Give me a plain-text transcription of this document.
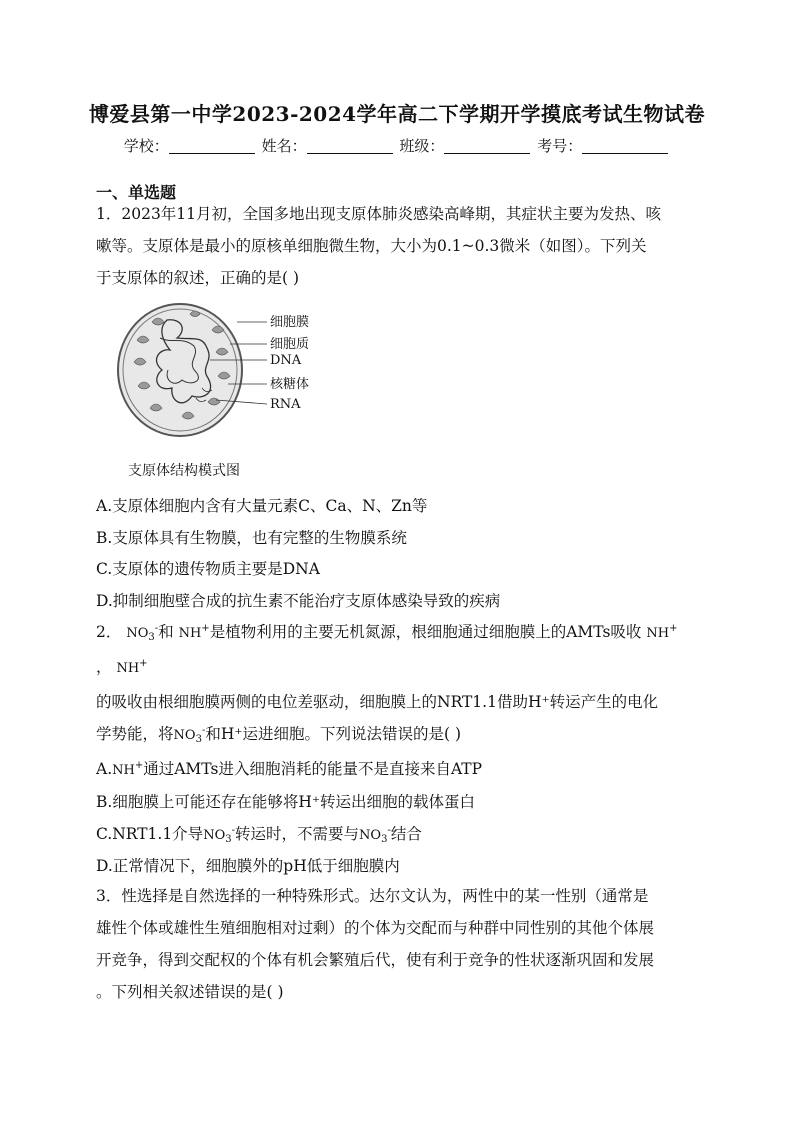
博爱县第一中学2023-2024学年高二下学期开学摸底考试生物试卷
学校：	姓名：	班级：	考号：
一、单选题
1．2023年11月初，全国多地出现支原体肺炎感染高峰期，其症状主要为发热、咳
嗽等。支原体是最小的原核单细胞微生物，大小为0.1~0.3微米（如图）。下列关
于支原体的叙述，正确的是( )
细胞膜
细胞质
DNA
核糖体
RNA
支原体结构模式图
A.支原体细胞内含有大量元素C、Ca、N、Zn等
B.支原体具有生物膜，也有完整的生物膜系统
C.支原体的遗传物质主要是DNA
D.抑制细胞壁合成的抗生素不能治疗支原体感染导致的疾病
2． $NO_3^-$和 NH+是植物利用的主要无机氮源，根细胞通过细胞膜上的AMTs吸收 NH+
， NH+
的吸收由根细胞膜两侧的电位差驱动，细胞膜上的NRT1.1借助H⁺转运产生的电化
学势能，将$NO_3^-$和H⁺运进细胞。下列说法错误的是( )
A.NH+通过AMTs进入细胞消耗的能量不是直接来自ATP
B.细胞膜上可能还存在能够将H⁺转运出细胞的载体蛋白
C.NRT1.1介导$NO_3^-$转运时，不需要与$NO_3^-$结合
D.正常情况下，细胞膜外的pH低于细胞膜内
3．性选择是自然选择的一种特殊形式。达尔文认为，两性中的某一性别（通常是
雄性个体或雄性生殖细胞相对过剩）的个体为交配而与种群中同性别的其他个体展
开竞争，得到交配权的个体有机会繁殖后代，使有利于竞争的性状逐渐巩固和发展
。下列相关叙述错误的是( )
